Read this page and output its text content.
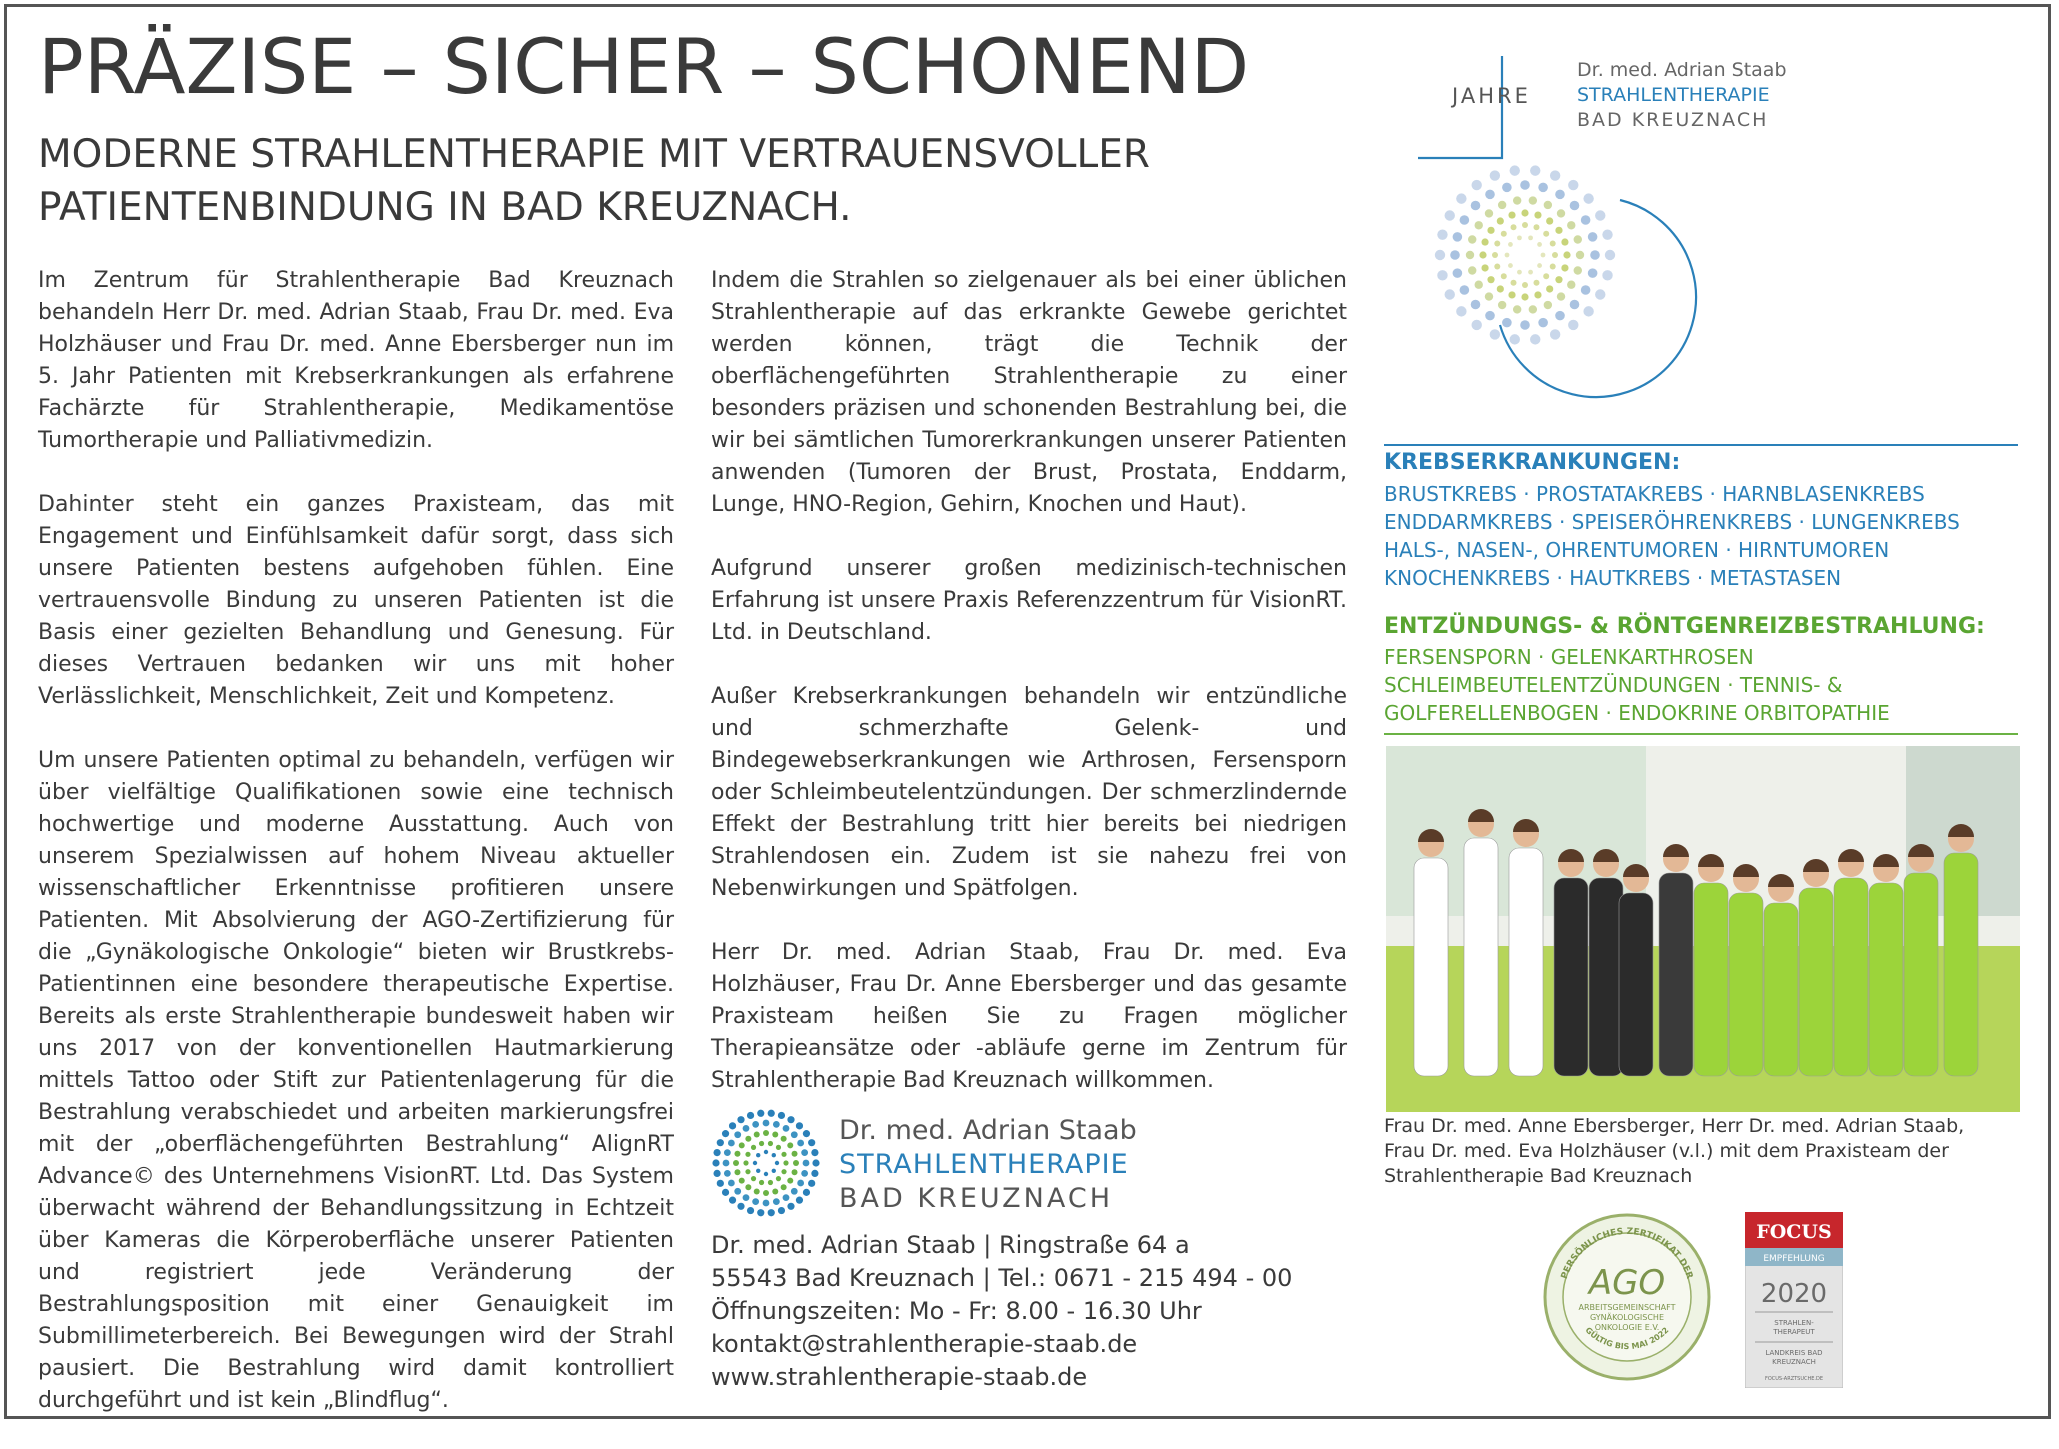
PRÄZISE – SICHER – SCHONEND
MODERNE STRAHLENTHERAPIE MIT VERTRAUENSVOLLER PATIENTENBINDUNG IN BAD KREUZNACH.

Im Zentrum für Strahlentherapie Bad Kreuznach behandeln Herr Dr. med. Adrian Staab, Frau Dr. med. Eva Holzhäuser und Frau Dr. med. Anne Ebersberger nun im 5. Jahr Patienten mit Krebserkrankungen als erfahrene Fachärzte für Strahlentherapie, Medikamentöse Tumortherapie und Palliativmedizin.

Dahinter steht ein ganzes Praxisteam, das mit Engagement und Einfühlsamkeit dafür sorgt, dass sich unsere Patienten bestens aufgehoben fühlen. Eine vertrauensvolle Bindung zu unseren Patienten ist die Basis einer gezielten Behandlung und Genesung. Für dieses Vertrauen bedanken wir uns mit hoher Verlässlichkeit, Menschlichkeit, Zeit und Kompetenz.

Um unsere Patienten optimal zu behandeln, verfügen wir über vielfältige Qualifikationen sowie eine technisch hochwertige und moderne Ausstattung. Auch von unserem Spezialwissen auf hohem Niveau aktueller wissenschaftlicher Erkenntnisse profitieren unsere Patienten. Mit Absolvierung der AGO-Zertifizierung für die „Gynäkologische Onkologie“ bieten wir Brustkrebs-Patientinnen eine besondere therapeutische Expertise. Bereits als erste Strahlentherapie bundesweit haben wir uns 2017 von der konventionellen Hautmarkierung mittels Tattoo oder Stift zur Patientenlagerung für die Bestrahlung verabschiedet und arbeiten markierungsfrei mit der „oberflächengeführten Bestrahlung“ AlignRT Advance© des Unternehmens VisionRT. Ltd. Das System überwacht während der Behandlungssitzung in Echtzeit über Kameras die Körperoberfläche unserer Patienten und registriert jede Veränderung der Bestrahlungsposition mit einer Genauigkeit im Submillimeterbereich. Bei Bewegungen wird der Strahl pausiert. Die Bestrahlung wird damit kontrolliert durchgeführt und ist kein „Blindflug“.

Indem die Strahlen so zielgenauer als bei einer üblichen Strahlentherapie auf das erkrankte Gewebe gerichtet werden können, trägt die Technik der oberflächengeführten Strahlentherapie zu einer besonders präzisen und schonenden Bestrahlung bei, die wir bei sämtlichen Tumorerkrankungen unserer Patienten anwenden (Tumoren der Brust, Prostata, Enddarm, Lunge, HNO-Region, Gehirn, Knochen und Haut).

Aufgrund unserer großen medizinisch-technischen Erfahrung ist unsere Praxis Referenzzentrum für VisionRT. Ltd. in Deutschland.

Außer Krebserkrankungen behandeln wir entzündliche und schmerzhafte Gelenk- und Bindegewebserkrankungen wie Arthrosen, Fersensporn oder Schleimbeutelentzündungen. Der schmerzlindernde Effekt der Bestrahlung tritt hier bereits bei niedrigen Strahlendosen ein. Zudem ist sie nahezu frei von Nebenwirkungen und Spätfolgen.

Herr Dr. med. Adrian Staab, Frau Dr. med. Eva Holzhäuser, Frau Dr. Anne Ebersberger und das gesamte Praxisteam heißen Sie zu Fragen möglicher Therapieansätze oder -abläufe gerne im Zentrum für Strahlentherapie Bad Kreuznach willkommen.

Dr. med. Adrian Staab
STRAHLENTHERAPIE
BAD KREUZNACH
Dr. med. Adrian Staab | Ringstraße 64 a
55543 Bad Kreuznach | Tel.: 0671 - 215 494 - 00
Öffnungszeiten: Mo - Fr: 8.00 - 16.30 Uhr
kontakt@strahlentherapie-staab.de
www.strahlentherapie-staab.de
JAHRE
Dr. med. Adrian Staab
STRAHLENTHERAPIE
BAD KREUZNACH
KREBSERKRANKUNGEN:
BRUSTKREBS · PROSTATAKREBS · HARNBLASENKREBS
ENDDARMKREBS · SPEISERÖHRENKREBS · LUNGENKREBS
HALS-, NASEN-, OHRENTUMOREN · HIRNTUMOREN
KNOCHENKREBS · HAUTKREBS · METASTASEN
ENTZÜNDUNGS- & RÖNTGENREIZBESTRAHLUNG:
FERSENSPORN · GELENKARTHROSEN
SCHLEIMBEUTELENTZÜNDUNGEN · TENNIS- &
GOLFERELLENBOGEN · ENDOKRINE ORBITOPATHIE
Frau Dr. med. Anne Ebersberger, Herr Dr. med. Adrian Staab,
Frau Dr. med. Eva Holzhäuser (v.l.) mit dem Praxisteam der
Strahlentherapie Bad Kreuznach
PERSÖNLICHES ZERTIFIKAT DER
GÜLTIG BIS MAI 2022
AGO
ARBEITSGEMEINSCHAFT
GYNÄKOLOGISCHE
ONKOLOGIE E.V.
FOCUS
EMPFEHLUNG
2020
STRAHLEN-
THERAPEUT
LANDKREIS BAD
KREUZNACH
FOCUS-ARZTSUCHE.DE
